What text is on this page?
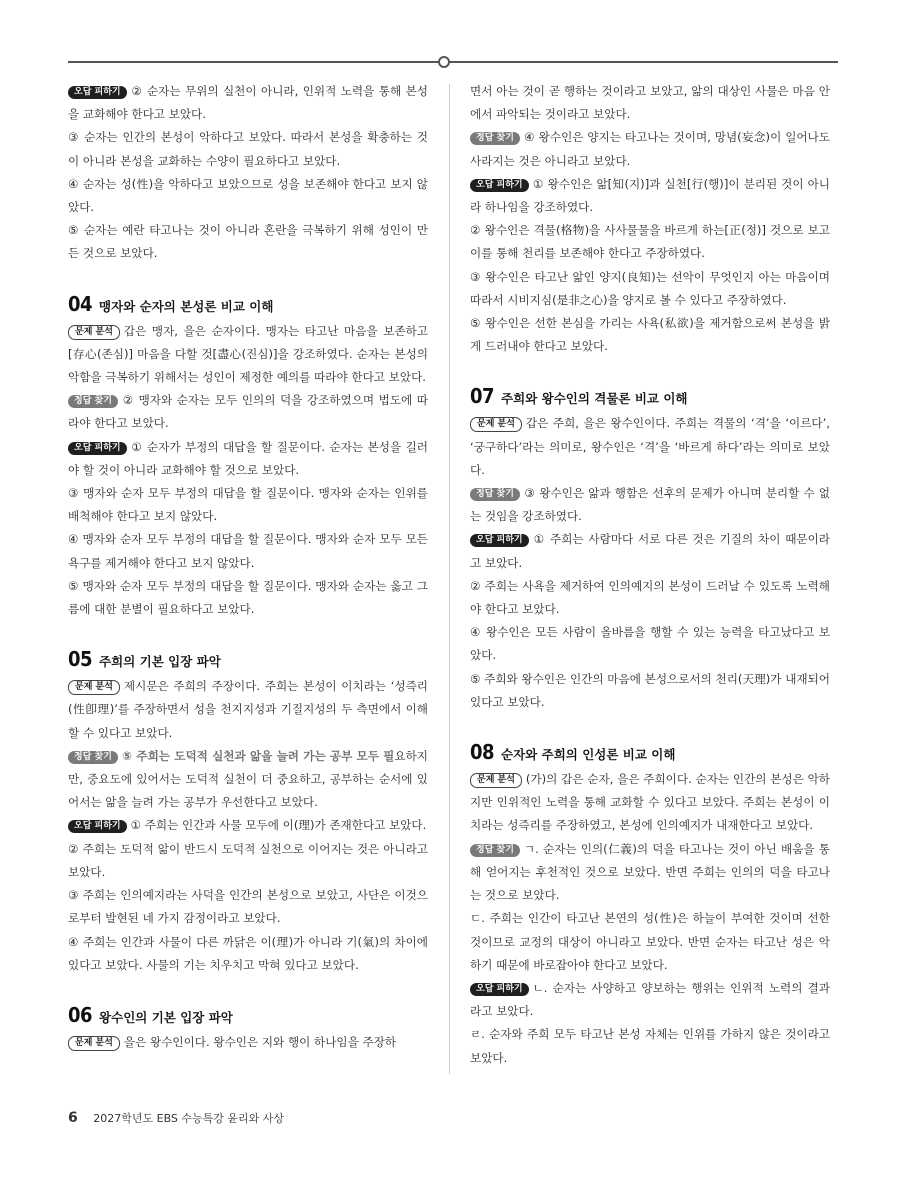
오답 피하기 ② 순자는 무위의 실천이 아니라, 인위적 노력을 통해 본성을 교화해야 한다고 보았다.

③ 순자는 인간의 본성이 악하다고 보았다. 따라서 본성을 확충하는 것이 아니라 본성을 교화하는 수양이 필요하다고 보았다.

④ 순자는 성(性)을 악하다고 보았으므로 성을 보존해야 한다고 보지 않았다.

⑤ 순자는 예란 타고나는 것이 아니라 혼란을 극복하기 위해 성인이 만든 것으로 보았다.

04 맹자와 순자의 본성론 비교 이해

문제 분석 갑은 맹자, 을은 순자이다. 맹자는 타고난 마음을 보존하고[存心(존심)] 마음을 다할 것[盡心(진심)]을 강조하였다. 순자는 본성의 악함을 극복하기 위해서는 성인이 제정한 예의를 따라야 한다고 보았다.

정답 찾기 ② 맹자와 순자는 모두 인의의 덕을 강조하였으며 법도에 따라야 한다고 보았다.

오답 피하기 ① 순자가 부정의 대답을 할 질문이다. 순자는 본성을 길러야 할 것이 아니라 교화해야 할 것으로 보았다.

③ 맹자와 순자 모두 부정의 대답을 할 질문이다. 맹자와 순자는 인위를 배척해야 한다고 보지 않았다.

④ 맹자와 순자 모두 부정의 대답을 할 질문이다. 맹자와 순자 모두 모든 욕구를 제거해야 한다고 보지 않았다.

⑤ 맹자와 순자 모두 부정의 대답을 할 질문이다. 맹자와 순자는 옳고 그름에 대한 분별이 필요하다고 보았다.

05 주희의 기본 입장 파악

문제 분석 제시문은 주희의 주장이다. 주희는 본성이 이치라는 ‘성즉리(性卽理)’를 주장하면서 성을 천지지성과 기질지성의 두 측면에서 이해할 수 있다고 보았다.

정답 찾기 ⑤ 주희는 도덕적 실천과 앎을 늘려 가는 공부 모두 필요하지만, 중요도에 있어서는 도덕적 실천이 더 중요하고, 공부하는 순서에 있어서는 앎을 늘려 가는 공부가 우선한다고 보았다.

오답 피하기 ① 주희는 인간과 사물 모두에 이(理)가 존재한다고 보았다.

② 주희는 도덕적 앎이 반드시 도덕적 실천으로 이어지는 것은 아니라고 보았다.

③ 주희는 인의예지라는 사덕을 인간의 본성으로 보았고, 사단은 이것으로부터 발현된 네 가지 감정이라고 보았다.

④ 주희는 인간과 사물이 다른 까닭은 이(理)가 아니라 기(氣)의 차이에 있다고 보았다. 사물의 기는 치우치고 막혀 있다고 보았다.

06 왕수인의 기본 입장 파악

문제 분석 을은 왕수인이다. 왕수인은 지와 행이 하나임을 주장하

면서 아는 것이 곧 행하는 것이라고 보았고, 앎의 대상인 사물은 마음 안에서 파악되는 것이라고 보았다.

정답 찾기 ④ 왕수인은 양지는 타고나는 것이며, 망념(妄念)이 일어나도 사라지는 것은 아니라고 보았다.

오답 피하기 ① 왕수인은 앎[知(지)]과 실천[行(행)]이 분리된 것이 아니라 하나임을 강조하였다.

② 왕수인은 격물(格物)을 사사물물을 바르게 하는[正(정)] 것으로 보고 이를 통해 천리를 보존해야 한다고 주장하였다.

③ 왕수인은 타고난 앎인 양지(良知)는 선악이 무엇인지 아는 마음이며 따라서 시비지심(是非之心)을 양지로 볼 수 있다고 주장하였다.

⑤ 왕수인은 선한 본심을 가리는 사욕(私欲)을 제거함으로써 본성을 밝게 드러내야 한다고 보았다.

07 주희와 왕수인의 격물론 비교 이해

문제 분석 갑은 주희, 을은 왕수인이다. 주희는 격물의 ‘격’을 ‘이르다’, ‘궁구하다’라는 의미로, 왕수인은 ‘격’을 ‘바르게 하다’라는 의미로 보았다.

정답 찾기 ③ 왕수인은 앎과 행함은 선후의 문제가 아니며 분리할 수 없는 것임을 강조하였다.

오답 피하기 ① 주희는 사람마다 서로 다른 것은 기질의 차이 때문이라고 보았다.

② 주희는 사욕을 제거하여 인의예지의 본성이 드러날 수 있도록 노력해야 한다고 보았다.

④ 왕수인은 모든 사람이 올바름을 행할 수 있는 능력을 타고났다고 보았다.

⑤ 주희와 왕수인은 인간의 마음에 본성으로서의 천리(天理)가 내재되어 있다고 보았다.

08 순자와 주희의 인성론 비교 이해

문제 분석 (가)의 갑은 순자, 을은 주희이다. 순자는 인간의 본성은 악하지만 인위적인 노력을 통해 교화할 수 있다고 보았다. 주희는 본성이 이치라는 성즉리를 주장하였고, 본성에 인의예지가 내재한다고 보았다.

정답 찾기 ㄱ. 순자는 인의(仁義)의 덕을 타고나는 것이 아닌 배움을 통해 얻어지는 후천적인 것으로 보았다. 반면 주희는 인의의 덕을 타고나는 것으로 보았다.

ㄷ. 주희는 인간이 타고난 본연의 성(性)은 하늘이 부여한 것이며 선한 것이므로 교정의 대상이 아니라고 보았다. 반면 순자는 타고난 성은 악하기 때문에 바로잡아야 한다고 보았다.

오답 피하기 ㄴ. 순자는 사양하고 양보하는 행위는 인위적 노력의 결과라고 보았다.

ㄹ. 순자와 주희 모두 타고난 본성 자체는 인위를 가하지 않은 것이라고 보았다.

6 2027학년도 EBS 수능특강 윤리와 사상
